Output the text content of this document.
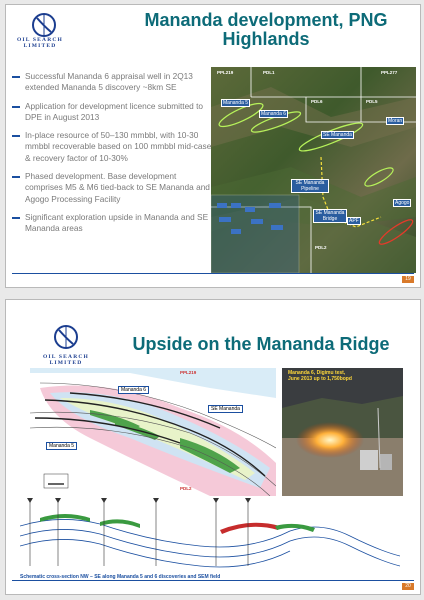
OIL SEARCH LIMITED
Mananda development, PNG
Highlands
Successful Mananda 6 appraisal well in 2Q13 extended Mananda 5 discovery ~8km SE
Application for development licence submitted to DPE in August 2013
In-place resource of 50–130 mmbbl, with 10-30 mmbbl recoverable based on 100 mmbbl mid-case & recovery factor of 10-30%
Phased development. Base development comprises M5 & M6 tied-back to SE Mananda and Agogo Processing Facility
Significant exploration upside in Mananda and SE Mananda areas
PPL219	PDL1	PPL277
PDL6	PDL5
PDL2
Mananda 5
Mananda 6
Moran
SE Mananda
SE Mananda Pipeline
SE Mananda Bridge
Agogo
APF
19
OIL SEARCH LIMITED
Upside on the Mananda Ridge
PPL219
PDL2
Mananda 6
SE Mananda
Mananda 5
Mananda 6, Digimu test,
June 2013 up to 1,750bopd
Schematic cross-section NW – SE along Mananda 5 and 6 discoveries and SEM field
20
